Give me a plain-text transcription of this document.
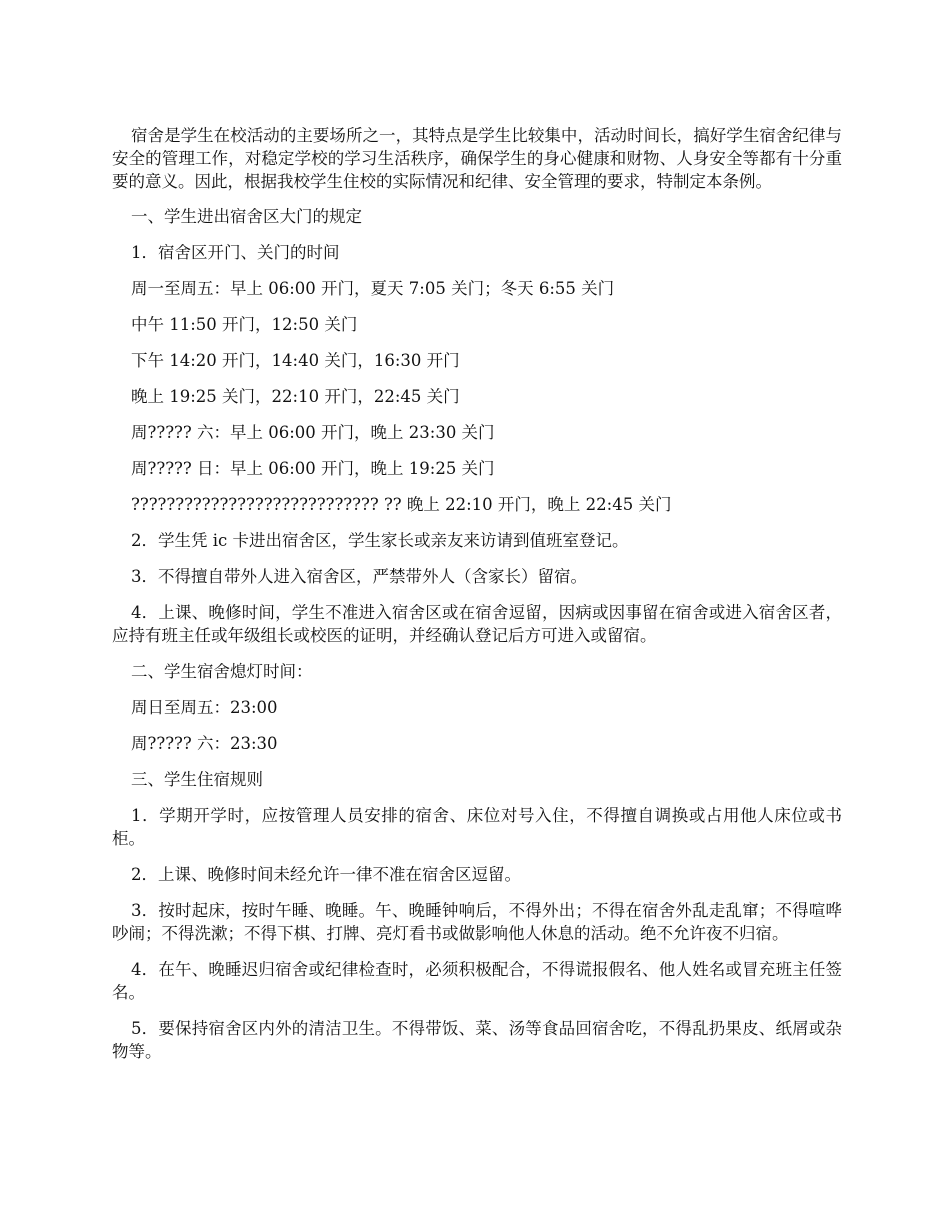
宿舍是学生在校活动的主要场所之一，其特点是学生比较集中，活动时间长，搞好学生宿舍纪律与安全的管理工作，对稳定学校的学习生活秩序，确保学生的身心健康和财物、人身安全等都有十分重要的意义。因此，根据我校学生住校的实际情况和纪律、安全管理的要求，特制定本条例。

一、学生进出宿舍区大门的规定

1．宿舍区开门、关门的时间

周一至周五：早上 06:00 开门，夏天 7:05 关门；冬天 6:55 关门

中午 11:50 开门，12:50 关门

下午 14:20 开门，14:40 关门，16:30 开门

晚上 19:25 关门，22:10 开门，22:45 关门

周????? 六：早上 06:00 开门，晚上 23:30 关门

周????? 日：早上 06:00 开门，晚上 19:25 关门

???????????????????????????? ?? 晚上 22:10 开门，晚上 22:45 关门

2．学生凭 ic 卡进出宿舍区，学生家长或亲友来访请到值班室登记。

3．不得擅自带外人进入宿舍区，严禁带外人（含家长）留宿。

4．上课、晚修时间，学生不准进入宿舍区或在宿舍逗留，因病或因事留在宿舍或进入宿舍区者，应持有班主任或年级组长或校医的证明，并经确认登记后方可进入或留宿。

二、学生宿舍熄灯时间：

周日至周五：23:00

周????? 六：23:30

三、学生住宿规则

1．学期开学时，应按管理人员安排的宿舍、床位对号入住，不得擅自调换或占用他人床位或书柜。

2．上课、晚修时间未经允许一律不准在宿舍区逗留。

3．按时起床，按时午睡、晚睡。午、晚睡钟响后，不得外出；不得在宿舍外乱走乱窜；不得喧哗吵闹；不得洗漱；不得下棋、打牌、亮灯看书或做影响他人休息的活动。绝不允许夜不归宿。

4．在午、晚睡迟归宿舍或纪律检查时，必须积极配合，不得谎报假名、他人姓名或冒充班主任签名。

5．要保持宿舍区内外的清洁卫生。不得带饭、菜、汤等食品回宿舍吃，不得乱扔果皮、纸屑或杂物等。
